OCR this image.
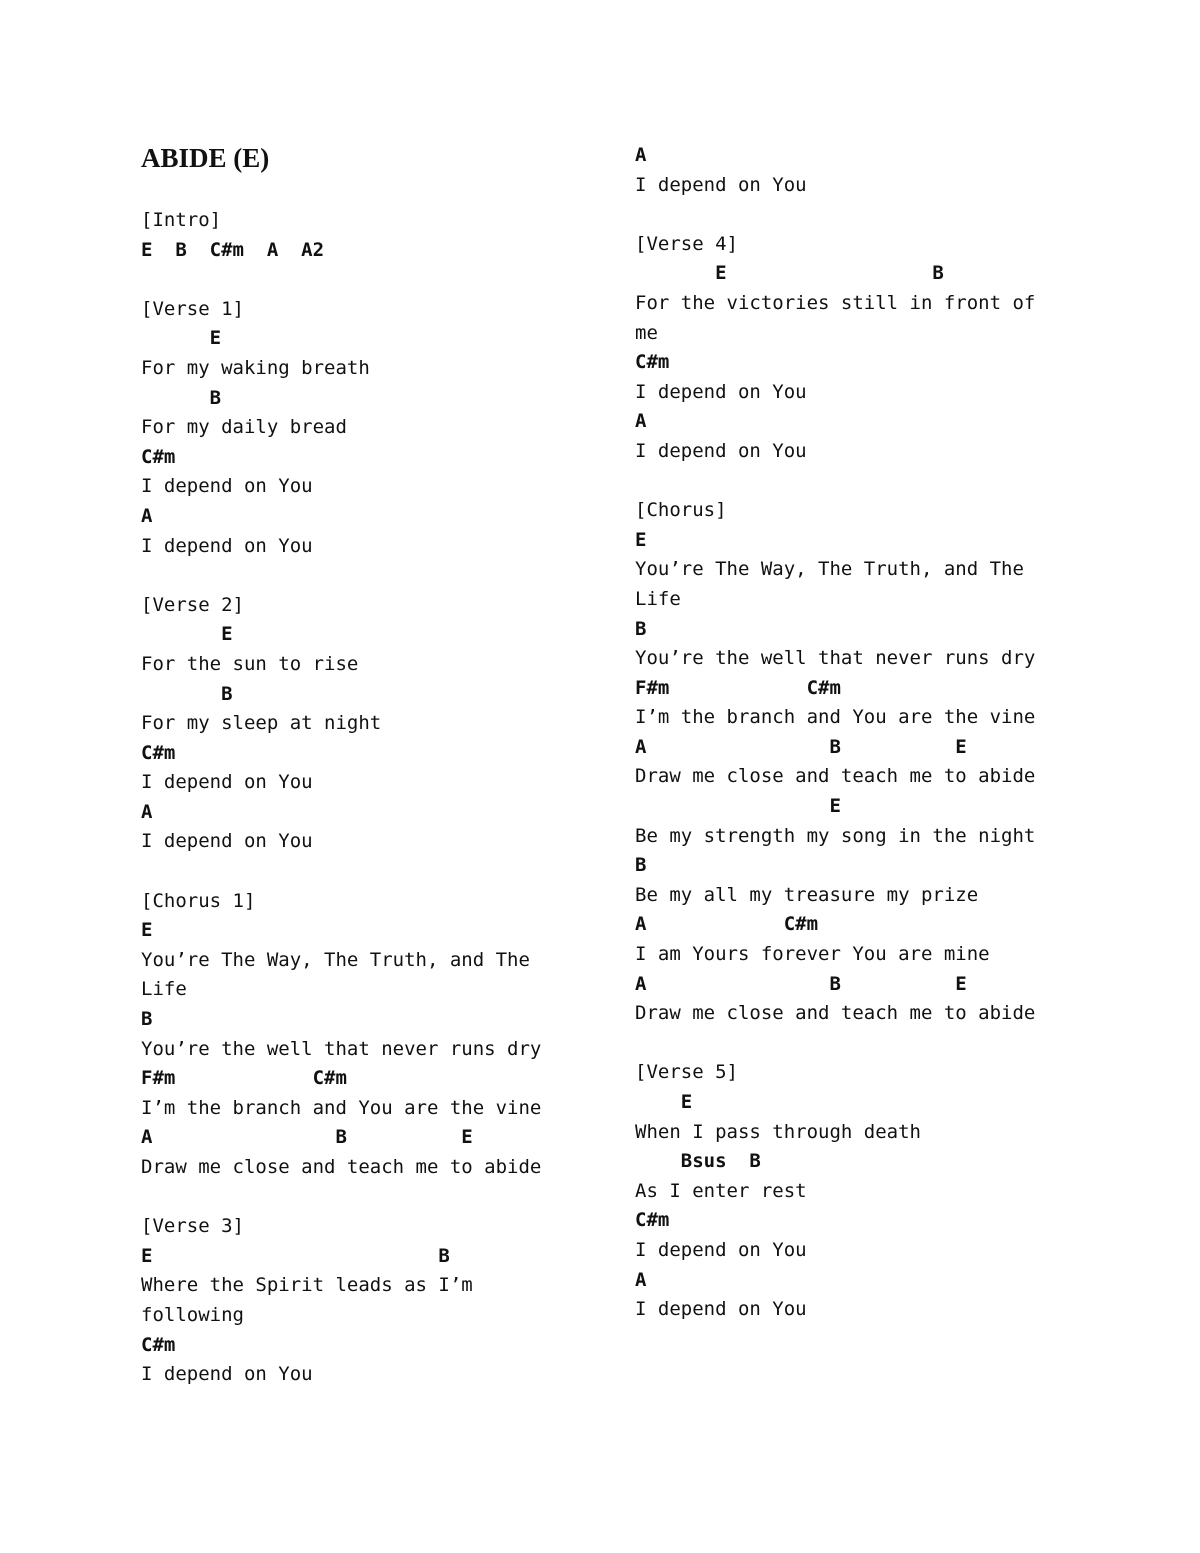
ABIDE (E)
[Intro]
E  B  C#m  A  A2
[Verse 1]
E
For my waking breath
B
For my daily bread
C#m
I depend on You
A
I depend on You
[Verse 2]
E
For the sun to rise
B
For my sleep at night
C#m
I depend on You
A
I depend on You
[Chorus 1]
E
You’re The Way, The Truth, and The
Life
B
You’re the well that never runs dry
F#m            C#m
I’m the branch and You are the vine
A                B          E
Draw me close and teach me to abide
[Verse 3]
E                         B
Where the Spirit leads as I’m
following
C#m
I depend on You
A
I depend on You
[Verse 4]
E                  B
For the victories still in front of
me
C#m
I depend on You
A
I depend on You
[Chorus]
E
You’re The Way, The Truth, and The
Life
B
You’re the well that never runs dry
F#m            C#m
I’m the branch and You are the vine
A                B          E
Draw me close and teach me to abide
E
Be my strength my song in the night
B
Be my all my treasure my prize
A            C#m
I am Yours forever You are mine
A                B          E
Draw me close and teach me to abide
[Verse 5]
E
When I pass through death
Bsus  B
As I enter rest
C#m
I depend on You
A
I depend on You
